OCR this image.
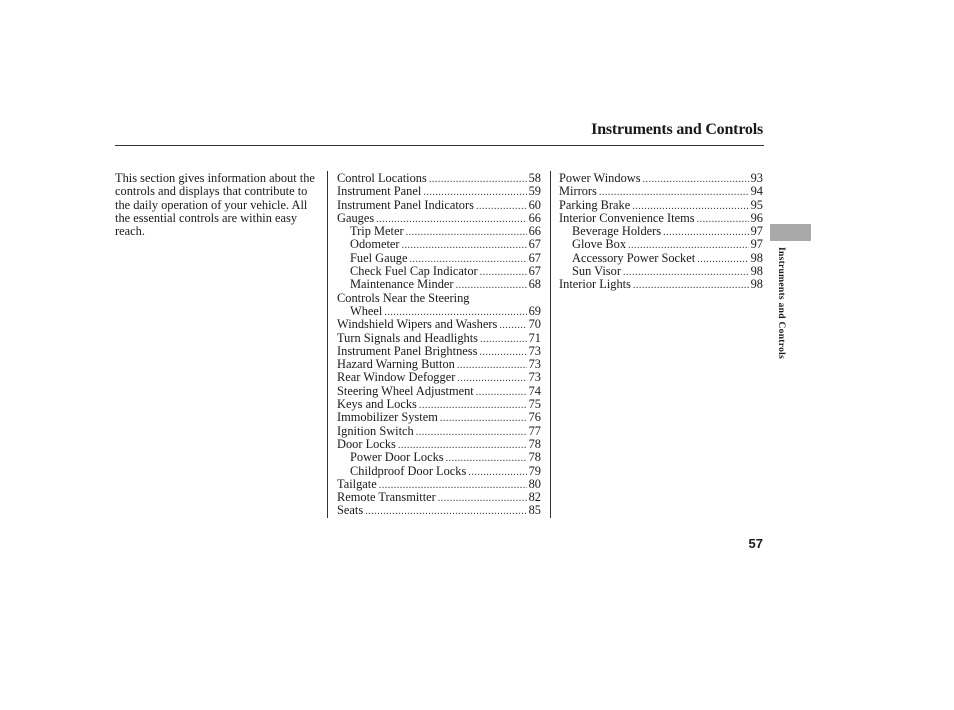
Instruments and Controls
This section gives information about the controls and displays that contribute to the daily operation of your vehicle. All the essential controls are within easy reach.
Control Locations .....	58
Instrument Panel .....	59
Instrument Panel Indicators .....	60
Gauges .....	66
Trip Meter .....	66
Odometer .....	67
Fuel Gauge .....	67
Check Fuel Cap Indicator .....	67
Maintenance Minder .....	68
Controls Near the Steering
Wheel .....	69
Windshield Wipers and Washers .....	70
Turn Signals and Headlights .....	71
Instrument Panel Brightness .....	73
Hazard Warning Button .....	73
Rear Window Defogger .....	73
Steering Wheel Adjustment .....	74
Keys and Locks .....	75
Immobilizer System .....	76
Ignition Switch .....	77
Door Locks .....	78
Power Door Locks .....	78
Childproof Door Locks .....	79
Tailgate .....	80
Remote Transmitter .....	82
Seats .....	85
Power Windows .....	93
Mirrors .....	94
Parking Brake .....	95
Interior Convenience Items .....	96
Beverage Holders .....	97
Glove Box .....	97
Accessory Power Socket .....	98
Sun Visor .....	98
Interior Lights .....	98 Instruments and Controls
57
